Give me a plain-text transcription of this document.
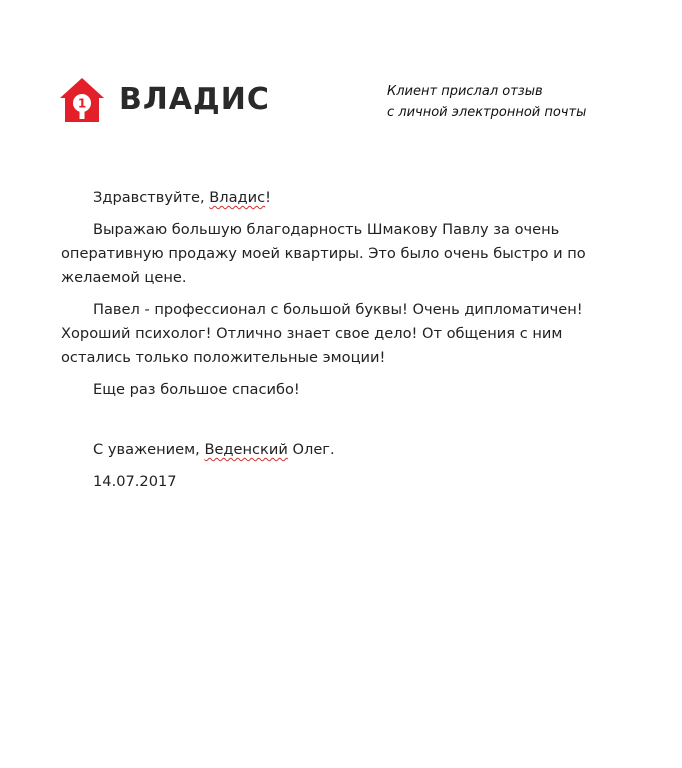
1 ВЛАДИС	Клиент прислал отзыв
с личной электронной почты

Здравствуйте, Владис!

Выражаю большую благодарность Шмакову Павлу за очень оперативную продажу моей квартиры. Это было очень быстро и по желаемой цене.

Павел - профессионал с большой буквы! Очень дипломатичен! Хороший психолог! Отлично знает свое дело! От общения с ним остались только положительные эмоции!

Еще раз большое спасибо!

С уважением, Веденский Олег.

14.07.2017
